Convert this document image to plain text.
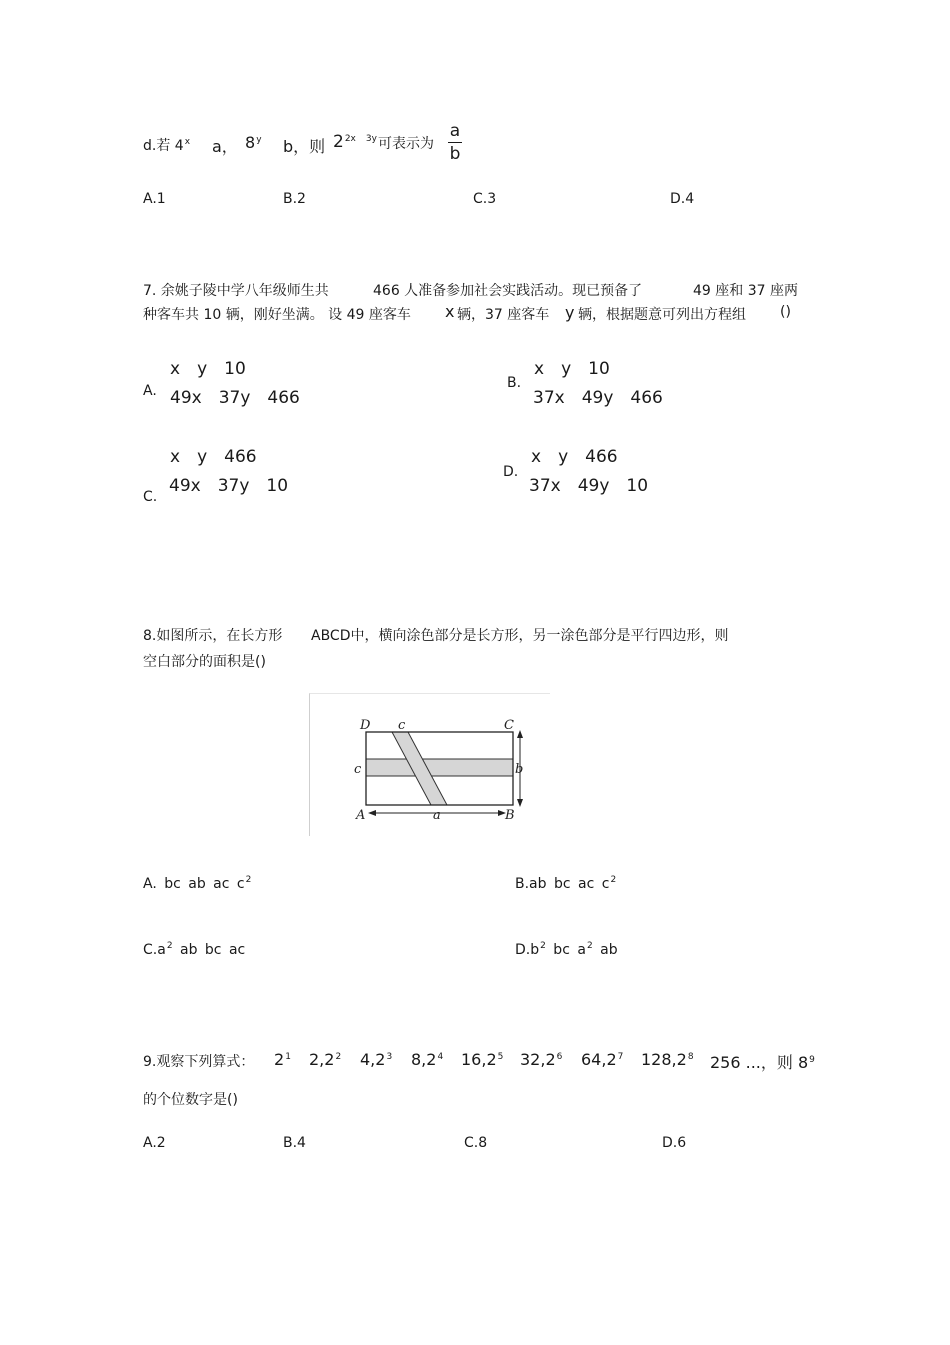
d.若 4$^x$ a， 8$^y$ b，则 $2^{2x}$ $^{3y}$ 可表示为
a
b
A.1	B.2	C.3	D.4
7. 余姚子陵中学八年级师生共	466 人准备参加社会实践活动。现已预备了	49 座和 37 座两
种客车共 10 辆，刚好坐满。 设 49 座客车 x 辆，37 座客车 y 辆，根据题意可列出方程组 ()
A.
x y 10
49x 37y 466
B.
x y 10
37x 49y 466
C.
x y 466
49x 37y 10
D.
x y 466
37x 49y 10
8.如图所示，在长方形 ABCD中，横向涂色部分是长方形，另一涂色部分是平行四边形，则
空白部分的面积是()
D c	C
c	b
A	a	B
A. bc ab ac $c^2$	B.ab bc ac $c^2$
$C.a^2$ ab bc ac	$D.b^2$ bc $a^2$ ab
9.观察下列算式： $2^1$ $2,2^2$ $4,2^3$ $8,2^4$ 16,2$^5$ 32,2$^6$ 64,2$^7$ 128,2$^8$ 256 ...，则 $8^9$
的个位数字是()
A.2	B.4	C.8	D.6
